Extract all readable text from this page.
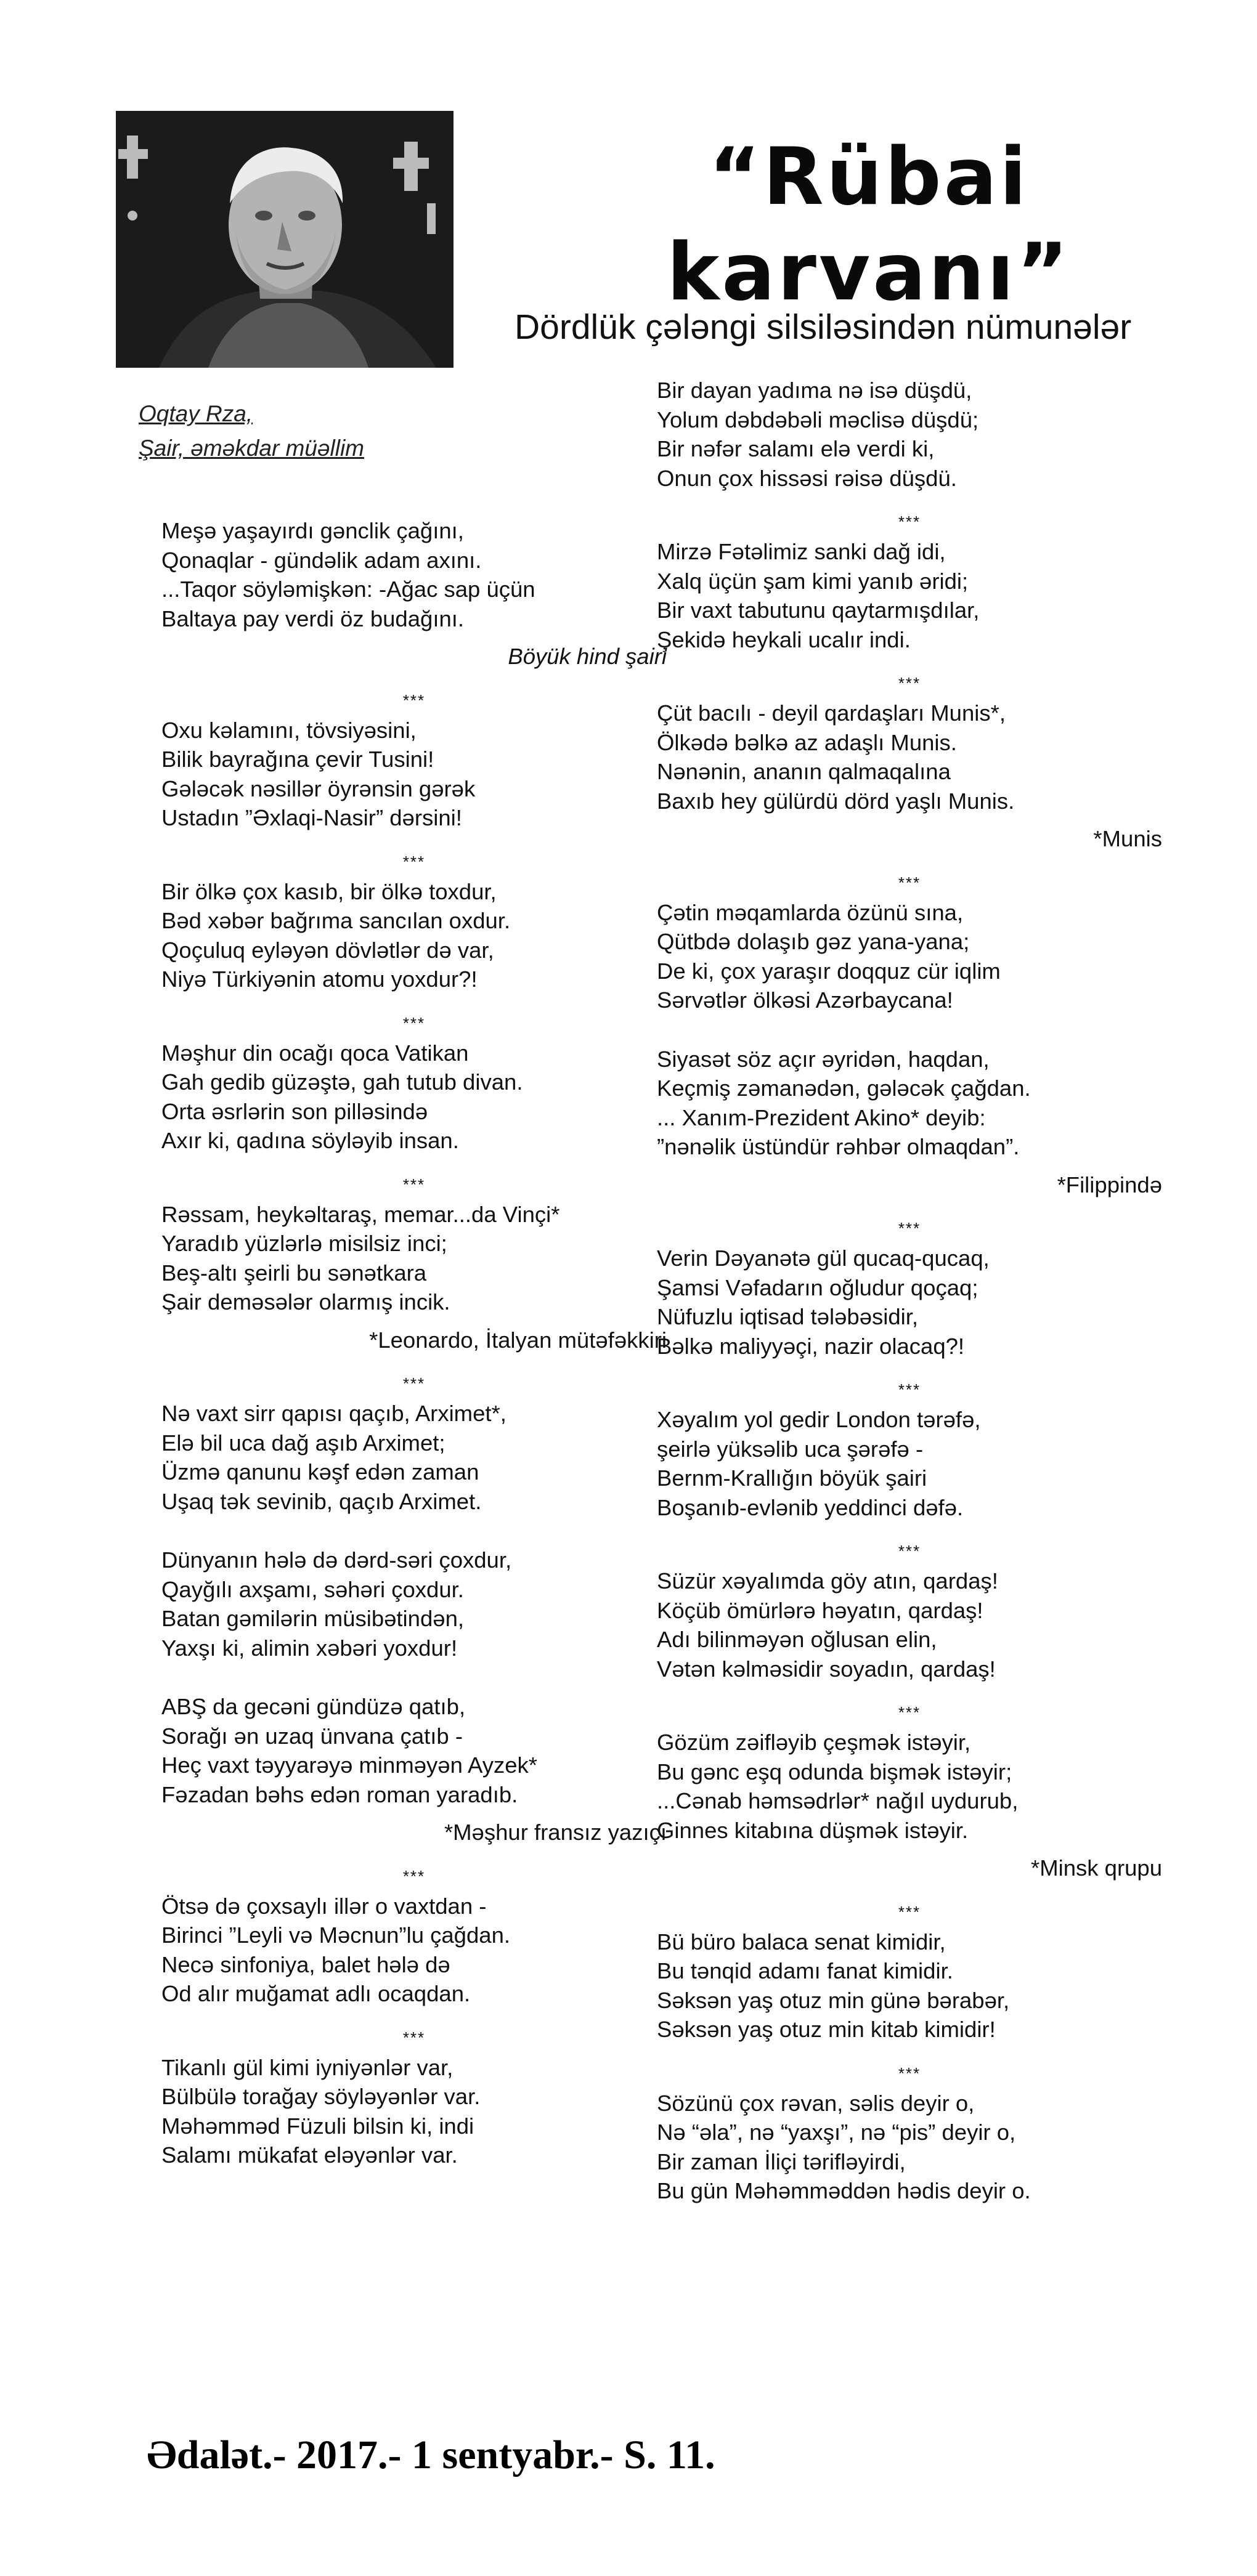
“Rübai
karvanı”
Dördlük çələngi silsiləsindən nümunələr
Oqtay Rza,
Şair, əməkdar müəllim
Meşə yaşayırdı gənclik çağını,
Qonaqlar - gündəlik adam axını.
...Taqor söyləmişkən: -Ağac sap üçün
Baltaya pay verdi öz budağını.
Böyük hind şairi
***
Oxu kəlamını, tövsiyəsini,
Bilik bayrağına çevir Tusini!
Gələcək nəsillər öyrənsin gərək
Ustadın ”Əxlaqi-Nasir” dərsini!
***
Bir ölkə çox kasıb, bir ölkə toxdur,
Bəd xəbər bağrıma sancılan oxdur.
Qoçuluq eyləyən dövlətlər də var,
Niyə Türkiyənin atomu yoxdur?!
***
Məşhur din ocağı qoca Vatikan
Gah gedib güzəştə, gah tutub divan.
Orta əsrlərin son pilləsində
Axır ki, qadına söyləyib insan.
***
Rəssam, heykəltaraş, memar...da Vinçi*
Yaradıb yüzlərlə misilsiz inci;
Beş-altı şeirli bu sənətkara
Şair deməsələr olarmış incik.
*Leonardo, İtalyan mütəfəkkiri
***
Nə vaxt sirr qapısı qaçıb, Arximet*,
Elə bil uca dağ aşıb Arximet;
Üzmə qanunu kəşf edən zaman
Uşaq tək sevinib, qaçıb Arximet.
Dünyanın hələ də dərd-səri çoxdur,
Qayğılı axşamı, səhəri çoxdur.
Batan gəmilərin müsibətindən,
Yaxşı ki, alimin xəbəri yoxdur!
ABŞ da gecəni gündüzə qatıb,
Sorağı ən uzaq ünvana çatıb -
Heç vaxt təyyarəyə minməyən Ayzek*
Fəzadan bəhs edən roman yaradıb.
*Məşhur fransız yazıçı
***
Ötsə də çoxsaylı illər o vaxtdan -
Birinci ”Leyli və Məcnun”lu çağdan.
Necə sinfoniya, balet hələ də
Od alır muğamat adlı ocaqdan.
***
Tikanlı gül kimi iyniyənlər var,
Bülbülə torağay söyləyənlər var.
Məhəmməd Füzuli bilsin ki, indi
Salamı mükafat eləyənlər var.
Bir dayan yadıma nə isə düşdü,
Yolum dəbdəbəli məclisə düşdü;
Bir nəfər salamı elə verdi ki,
Onun çox hissəsi rəisə düşdü.
***
Mirzə Fətəlimiz sanki dağ idi,
Xalq üçün şam kimi yanıb əridi;
Bir vaxt tabutunu qaytarmışdılar,
Şekidə heykali ucalır indi.
***
Çüt bacılı - deyil qardaşları Munis*,
Ölkədə bəlkə az adaşlı Munis.
Nənənin, ananın qalmaqalına
Baxıb hey gülürdü dörd yaşlı Munis.
*Munis
***
Çətin məqamlarda özünü sına,
Qütbdə dolaşıb gəz yana-yana;
De ki, çox yaraşır doqquz cür iqlim
Sərvətlər ölkəsi Azərbaycana!
Siyasət söz açır əyridən, haqdan,
Keçmiş zəmanədən, gələcək çağdan.
... Xanım-Prezident Akino* deyib:
”nənəlik üstündür rəhbər olmaqdan”.
*Filippində
***
Verin Dəyanətə gül qucaq-qucaq,
Şamsi Vəfadarın oğludur qoçaq;
Nüfuzlu iqtisad tələbəsidir,
Bəlkə maliyyəçi, nazir olacaq?!
***
Xəyalım yol gedir London tərəfə,
şeirlə yüksəlib uca şərəfə -
Bernm-Krallığın böyük şairi
Boşanıb-evlənib yeddinci dəfə.
***
Süzür xəyalımda göy atın, qardaş!
Köçüb ömürlərə həyatın, qardaş!
Adı bilinməyən oğlusan elin,
Vətən kəlməsidir soyadın, qardaş!
***
Gözüm zəifləyib çeşmək istəyir,
Bu gənc eşq odunda bişmək istəyir;
...Cənab həmsədrlər* nağıl uydurub,
Ginnes kitabına düşmək istəyir.
*Minsk qrupu
***
Bü büro balaca senat kimidir,
Bu tənqid adamı fanat kimidir.
Səksən yaş otuz min günə bərabər,
Səksən yaş otuz min kitab kimidir!
***
Sözünü çox rəvan, səlis deyir o,
Nə “əla”, nə “yaxşı”, nə “pis” deyir o,
Bir zaman İliçi tərifləyirdi,
Bu gün Məhəmməddən hədis deyir o.
Ədalət.- 2017.- 1 sentyabr.- S. 11.
